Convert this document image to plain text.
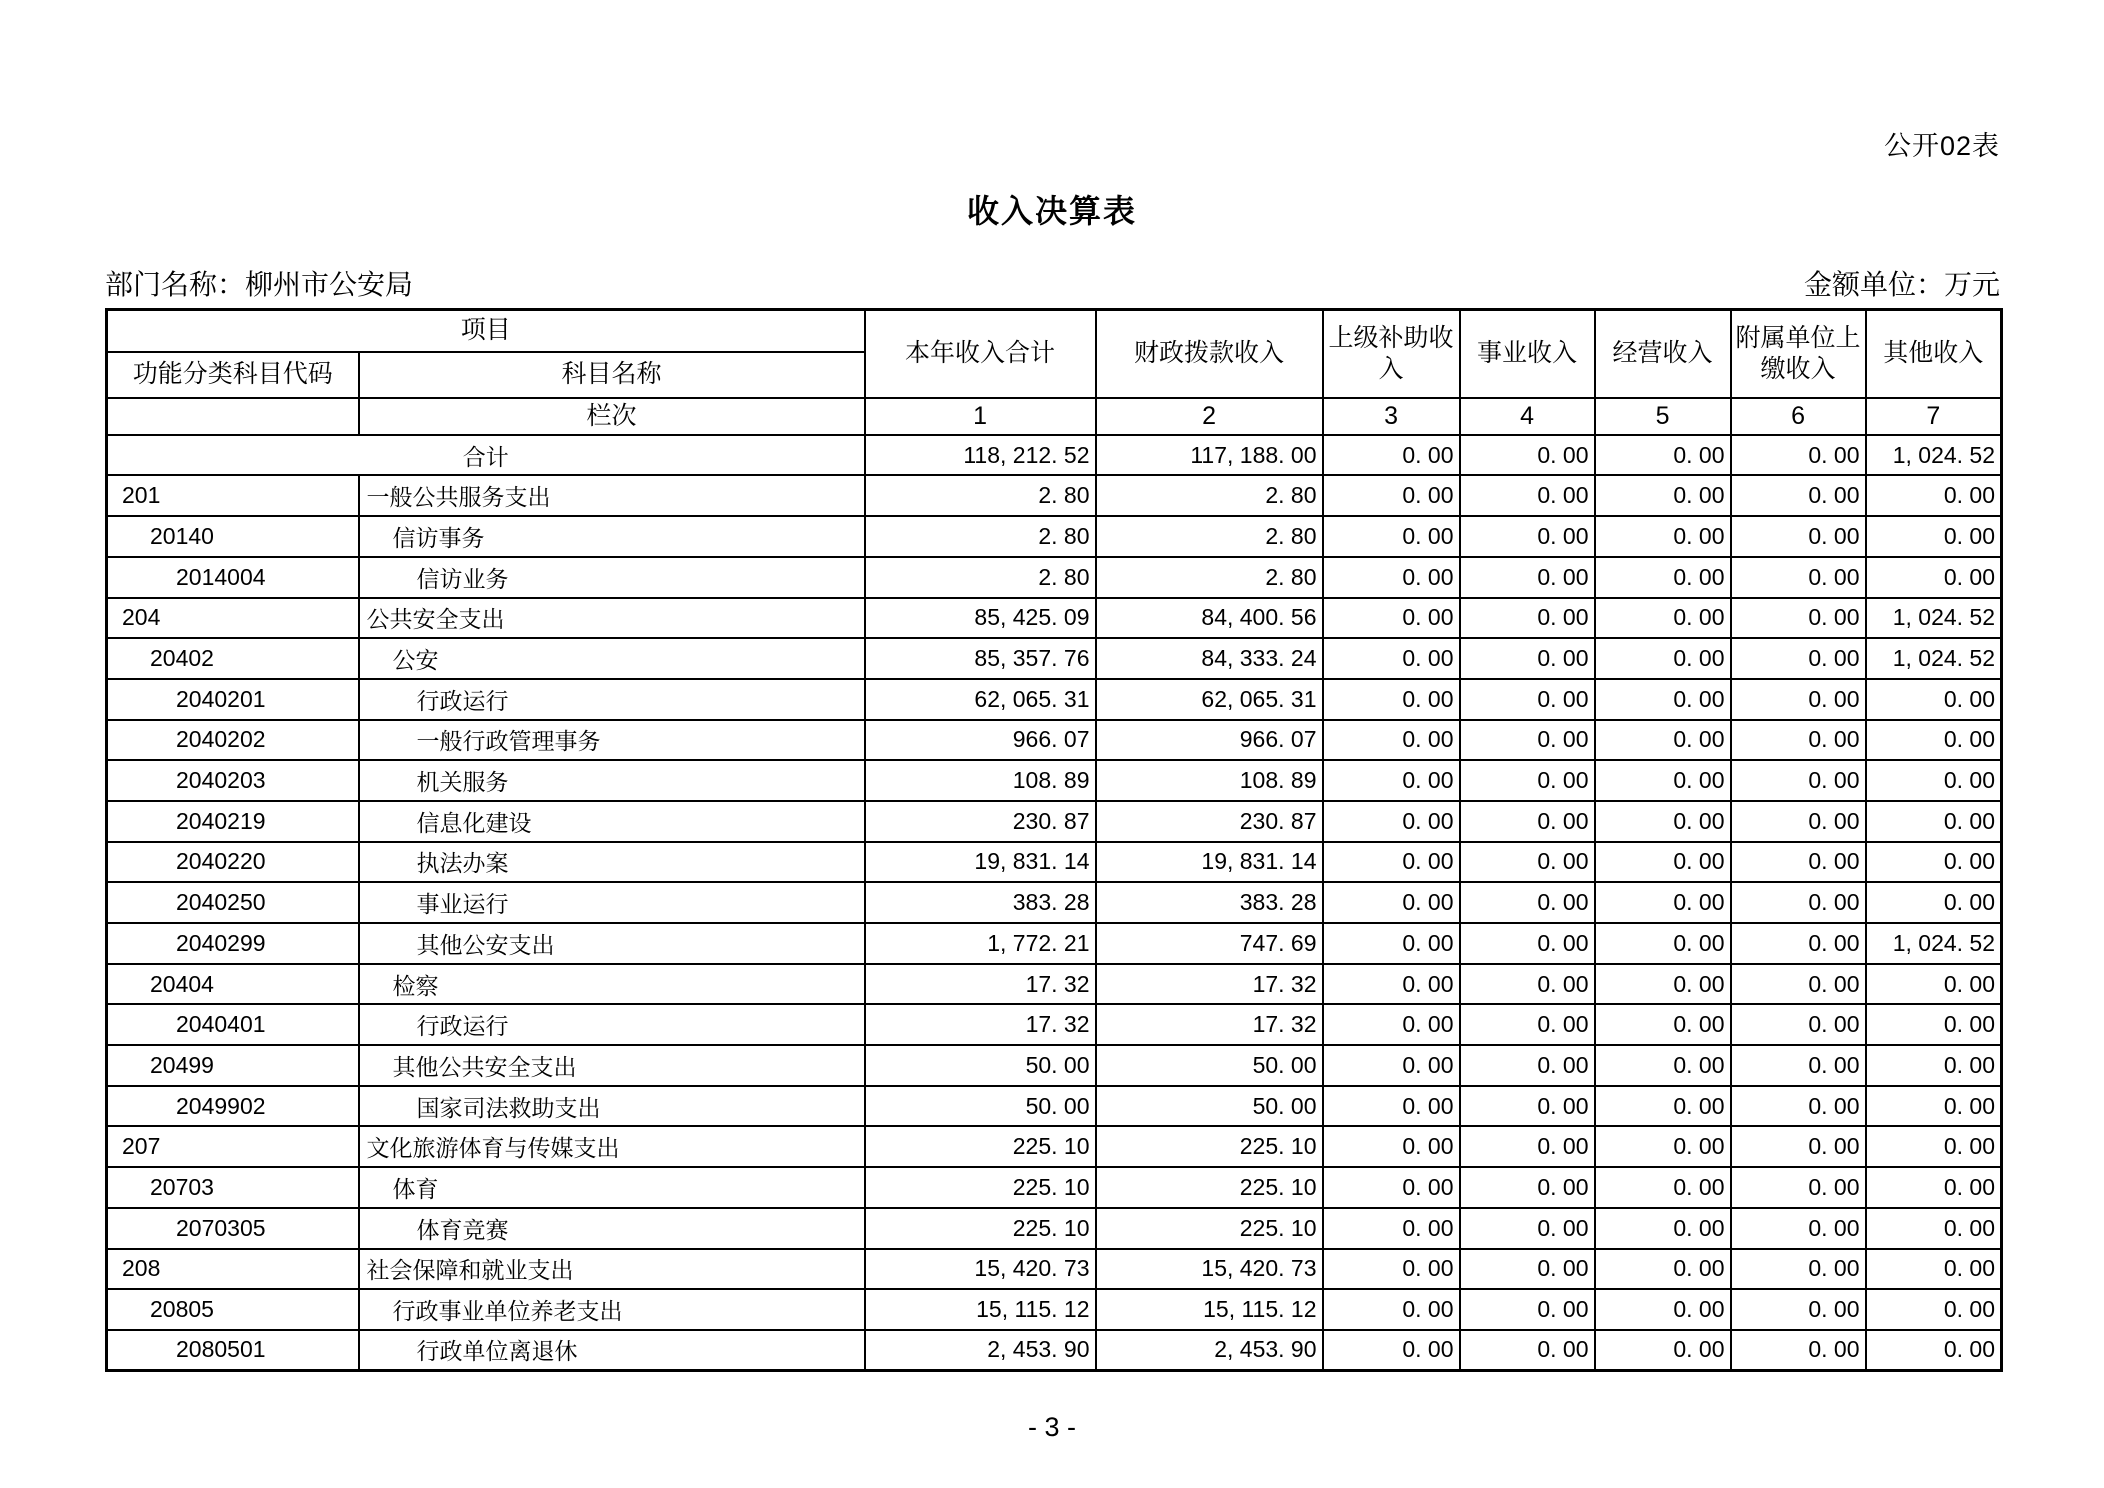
公开02表
收入决算表
部门名称：柳州市公安局	金额单位：万元
项目		本年收入合计	财政拨款收入	上级补助收入	事业收入	经营收入	附属单位上缴收入	其他收入
功能分类科目代码	科目名称							
	栏次	1	2	3	4	5	6	7
合计		118, 212. 52	117, 188. 00	0. 00	0. 00	0. 00	0. 00	1, 024. 52
201	一般公共服务支出	2. 80	2. 80	0. 00	0. 00	0. 00	0. 00	0. 00
20140	信访事务	2. 80	2. 80	0. 00	0. 00	0. 00	0. 00	0. 00
2014004	信访业务	2. 80	2. 80	0. 00	0. 00	0. 00	0. 00	0. 00
204	公共安全支出	85, 425. 09	84, 400. 56	0. 00	0. 00	0. 00	0. 00	1, 024. 52
20402	公安	85, 357. 76	84, 333. 24	0. 00	0. 00	0. 00	0. 00	1, 024. 52
2040201	行政运行	62, 065. 31	62, 065. 31	0. 00	0. 00	0. 00	0. 00	0. 00
2040202	一般行政管理事务	966. 07	966. 07	0. 00	0. 00	0. 00	0. 00	0. 00
2040203	机关服务	108. 89	108. 89	0. 00	0. 00	0. 00	0. 00	0. 00
2040219	信息化建设	230. 87	230. 87	0. 00	0. 00	0. 00	0. 00	0. 00
2040220	执法办案	19, 831. 14	19, 831. 14	0. 00	0. 00	0. 00	0. 00	0. 00
2040250	事业运行	383. 28	383. 28	0. 00	0. 00	0. 00	0. 00	0. 00
2040299	其他公安支出	1, 772. 21	747. 69	0. 00	0. 00	0. 00	0. 00	1, 024. 52
20404	检察	17. 32	17. 32	0. 00	0. 00	0. 00	0. 00	0. 00
2040401	行政运行	17. 32	17. 32	0. 00	0. 00	0. 00	0. 00	0. 00
20499	其他公共安全支出	50. 00	50. 00	0. 00	0. 00	0. 00	0. 00	0. 00
2049902	国家司法救助支出	50. 00	50. 00	0. 00	0. 00	0. 00	0. 00	0. 00
207	文化旅游体育与传媒支出	225. 10	225. 10	0. 00	0. 00	0. 00	0. 00	0. 00
20703	体育	225. 10	225. 10	0. 00	0. 00	0. 00	0. 00	0. 00
2070305	体育竞赛	225. 10	225. 10	0. 00	0. 00	0. 00	0. 00	0. 00
208	社会保障和就业支出	15, 420. 73	15, 420. 73	0. 00	0. 00	0. 00	0. 00	0. 00
20805	行政事业单位养老支出	15, 115. 12	15, 115. 12	0. 00	0. 00	0. 00	0. 00	0. 00
2080501	行政单位离退休	2, 453. 90	2, 453. 90	0. 00	0. 00	0. 00	0. 00	0. 00
- 3 -
